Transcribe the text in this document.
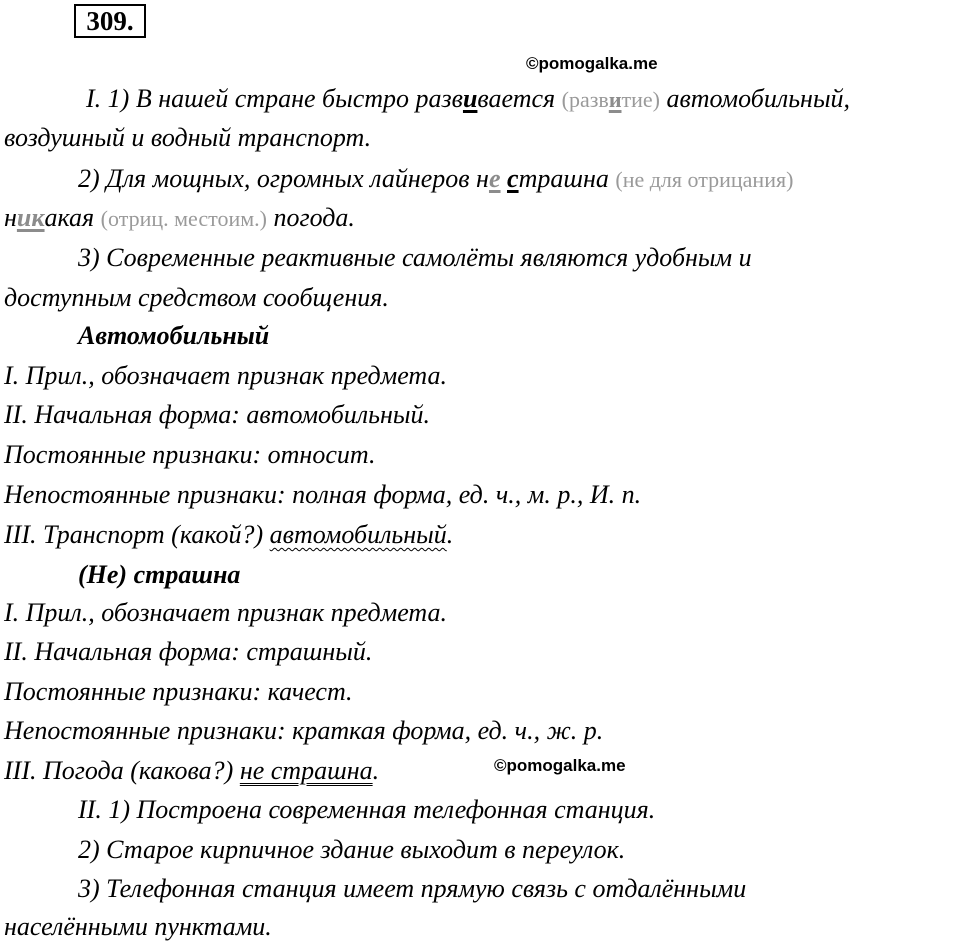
309.
©pomogalka.me
I. 1) В нашей стране быстро развивается (развитие) автомобильный,
воздушный и водный транспорт.
2) Для мощных, огромных лайнеров не страшна (не для отрицания)
никакая (отриц. местоим.) погода.
3) Современные реактивные самолёты являются удобным и
доступным средством сообщения.
Автомобильный
I. Прил., обозначает признак предмета.
II. Начальная форма: автомобильный.
Постоянные признаки: относит.
Непостоянные признаки: полная форма, ед. ч., м. р., И. п.
III. Транспорт (какой?) автомобильный.
(Не) страшна
I. Прил., обозначает признак предмета.
II. Начальная форма: страшный.
Постоянные признаки: качест.
Непостоянные признаки: краткая форма, ед. ч., ж. р.
III. Погода (какова?) не страшна.	©pomogalka.me
II. 1) Построена современная телефонная станция.
2) Старое кирпичное здание выходит в переулок.
3) Телефонная станция имеет прямую связь с отдалёнными
населёнными пунктами.
